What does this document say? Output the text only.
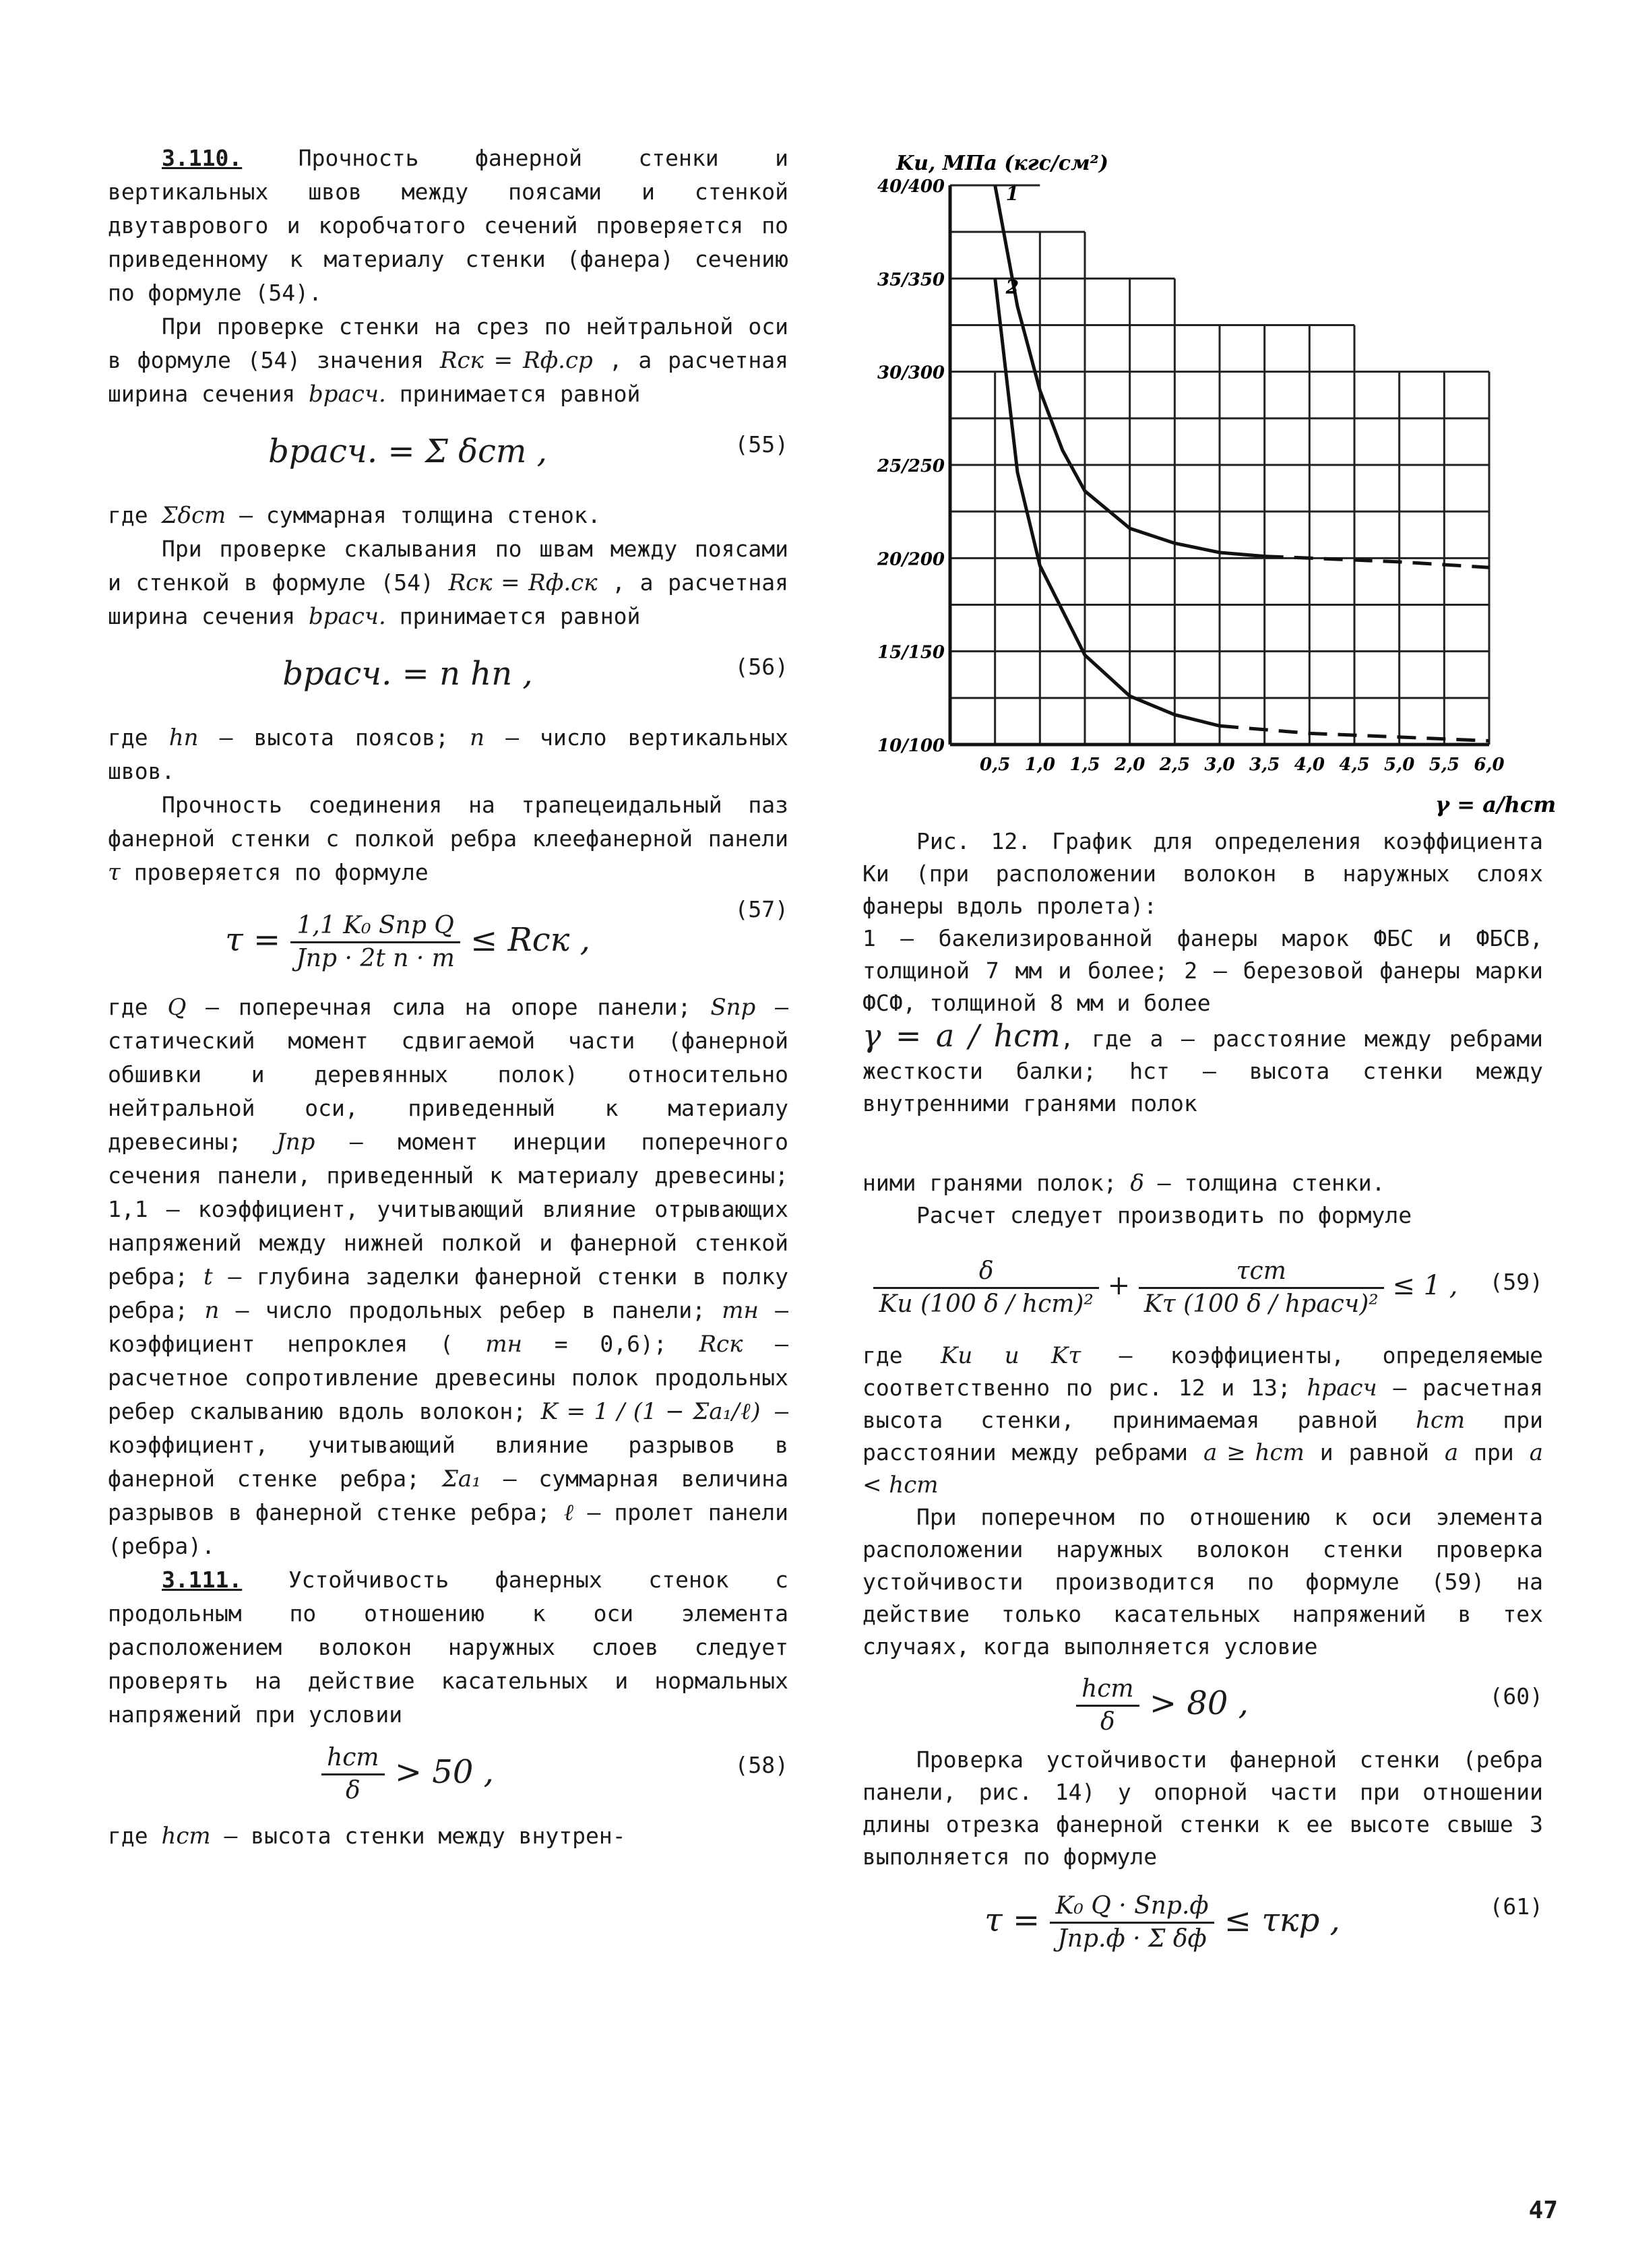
3.110.	Прочность фанерной стенки и вертикальных швов между поясами и стенкой двутаврового и коробчатого сечений проверяется по приведенному к материалу стенки (фанера) сечению по формуле (54).

При проверке стенки на срез по нейтральной оси в формуле (54) значения Rск = Rф.ср , а расчетная ширина сечения bрасч. принимается равной

bрасч. = Σ δст ,	(55)

где Σδст – суммарная толщина стенок.

При проверке скалывания по швам между поясами и стенкой в формуле (54) Rск = Rф.ск , а расчетная ширина сечения bрасч. принимается равной

bрасч. = n hп ,	(56)

где hп – высота поясов; n – число вертикальных швов.

Прочность соединения на трапецеидальный паз фанерной стенки с полкой ребра клеефанерной панели τ проверяется по формуле

$\tau = \frac{\text{1,1 K₀ Sпр Q}}{\text{Jпр · 2t n · m}}$ ≤ Rск ,
(57)

где Q – поперечная сила на опоре панели; Sпр – статический момент сдвигаемой части (фанерной обшивки и деревянных полок) относительно нейтральной оси, приведенный к материалу древесины; Jпр – момент инерции поперечного сечения панели, приведенный к материалу древесины; 1,1 – коэффициент, учитывающий влияние отрывающих напряжений между нижней полкой и фанерной стенкой ребра; t – глубина заделки фанерной стенки в полку ребра; n – число продольных ребер в панели; mн – коэффициент непроклея ( mн = 0,6); Rск – расчетное сопротивление древесины полок продольных ребер скалыванию вдоль волокон; K = 1 / (1 − Σa₁/ℓ) – коэффициент, учитывающий влияние разрывов в фанерной стенке ребра; Σa₁ – суммарная величина разрывов в фанерной стенке ребра; ℓ – пролет панели (ребра).

3.111. Устойчивость фанерных стенок с продольным по отношению к оси элемента расположением волокон наружных слоев следует проверять на действие касательных и нормальных напряжений при условии

$\frac{\text{hст}}{\delta} > 50$ ,	(58)

где hст – высота стенки между внутрен-

40/400
35/350
30/300
25/250
20/200
15/150
10/100
0,5 1,0 1,5 2,0 2,5 3,0 3,5 4,0 4,5 5,0 5,5 6,0
1
2
Kи, МПа (кгс/см²)
γ = a/hст

Рис. 12. График для определения коэффициента Kи (при расположении волокон в наружных слоях фанеры вдоль пролета):

1 – бакелизированной фанеры марок ФБС и ФБСВ, толщиной 7 мм и более; 2 – березовой фанеры марки ФСФ, толщиной 8 мм и более

γ = a / hст, где a – расстояние между ребрами жесткости балки; hст – высота стенки между внутренними гранями полок

ними гранями полок; δ – толщина стенки.

Расчет следует производить по формуле

$\frac{\delta}{\text{Kи (100 δ / hст)²}} + \frac{\text{τст}}{\text{Kτ (100 δ / hрасч)²}} \le 1$ ,	(59)

где Kи и Kτ – коэффициенты, определяемые соответственно по рис. 12 и 13; hрасч – расчетная высота стенки, принимаемая равной hст при расстоянии между ребрами a ≥ hст и равной a при a < hст

При поперечном по отношению к оси элемента расположении наружных волокон стенки проверка устойчивости производится по формуле (59) на действие только касательных напряжений в тех случаях, когда выполняется условие

$\frac{\text{hст}}{\delta} > 80$ ,	(60)

Проверка устойчивости фанерной стенки (ребра панели, рис. 14) у опорной части при отношении длины отрезка фанерной стенки к ее высоте свыше 3 выполняется по формуле

$\tau = \frac{\text{K₀ Q · Sпр.ф}}{\text{Jпр.ф · Σ δф}} \le \tau кр$ ,	(61)
47
